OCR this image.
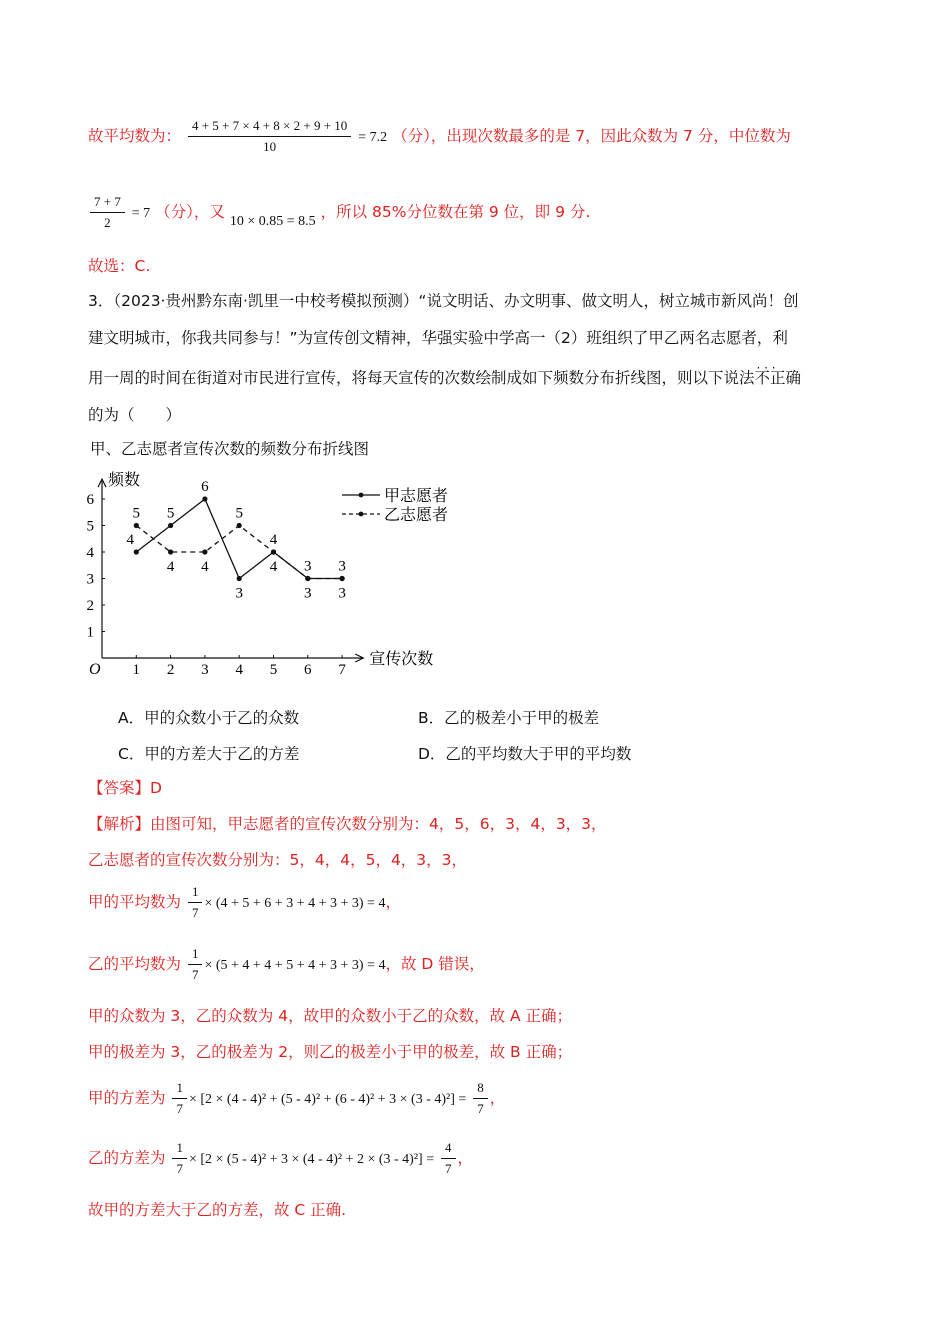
故平均数为： $\frac{4 + 5 + 7 \times 4 + 8 \times 2 + 9 + 10}{10} = 7.2$ （分），出现次数最多的是 7，因此众数为 7 分，中位数为
$\frac{7 + 7}{2} = 7$ （分），又 10 × 0.85 = 8.5 ，所以 85%分位数在第 9 位，即 9 分.
故选：C.
3．（2023·贵州黔东南·凯里一中校考模拟预测）“说文明话、办文明事、做文明人，树立城市新风尚！创
建文明城市，你我共同参与！”为宣传创文精神，华强实验中学高一（2）班组织了甲乙两名志愿者，利
用一周的时间在街道对市民进行宣传，将每天宣传的次数绘制成如下频数分布折线图，则以下说法· · · 不正确
的为（　　）
甲、乙志愿者宣传次数的频数分布折线图
频数
宣传次数
O 1 2 3 4 5 6 7
1
2
3
4
5
6
4
5
6
3
4
3 3
5
4 4
5
4
3 3
甲志愿者
乙志愿者
A．甲的众数小于乙的众数	B．乙的极差小于甲的极差
C．甲的方差大于乙的方差	D．乙的平均数大于甲的平均数
【答案】D
【解析】由图可知，甲志愿者的宣传次数分别为：4，5，6，3，4，3，3，
乙志愿者的宣传次数分别为：5，4，4，5，4，3，3，
甲的平均数为 $\frac{1}{7} \times (4 + 5 + 6 + 3 + 4 + 3 + 3) = 4$，
乙的平均数为 $\frac{1}{7} \times (5 + 4 + 4 + 5 + 4 + 3 + 3) = 4$，故 D 错误，
甲的众数为 3，乙的众数为 4，故甲的众数小于乙的众数，故 A 正确；
甲的极差为 3，乙的极差为 2，则乙的极差小于甲的极差，故 B 正确；
甲的方差为 $\frac{1}{7} \times [2 \times (4 - 4)^2 + (5 - 4)^2 + (6 - 4)^2 + 3 \times (3 - 4)^2] = \frac{8}{7}$ ，
乙的方差为 $\frac{1}{7} \times [2 \times (5 - 4)^2 + 3 \times (4 - 4)^2 + 2 \times (3 - 4)^2] = \frac{4}{7}$ ，
故甲的方差大于乙的方差，故 C 正确.
